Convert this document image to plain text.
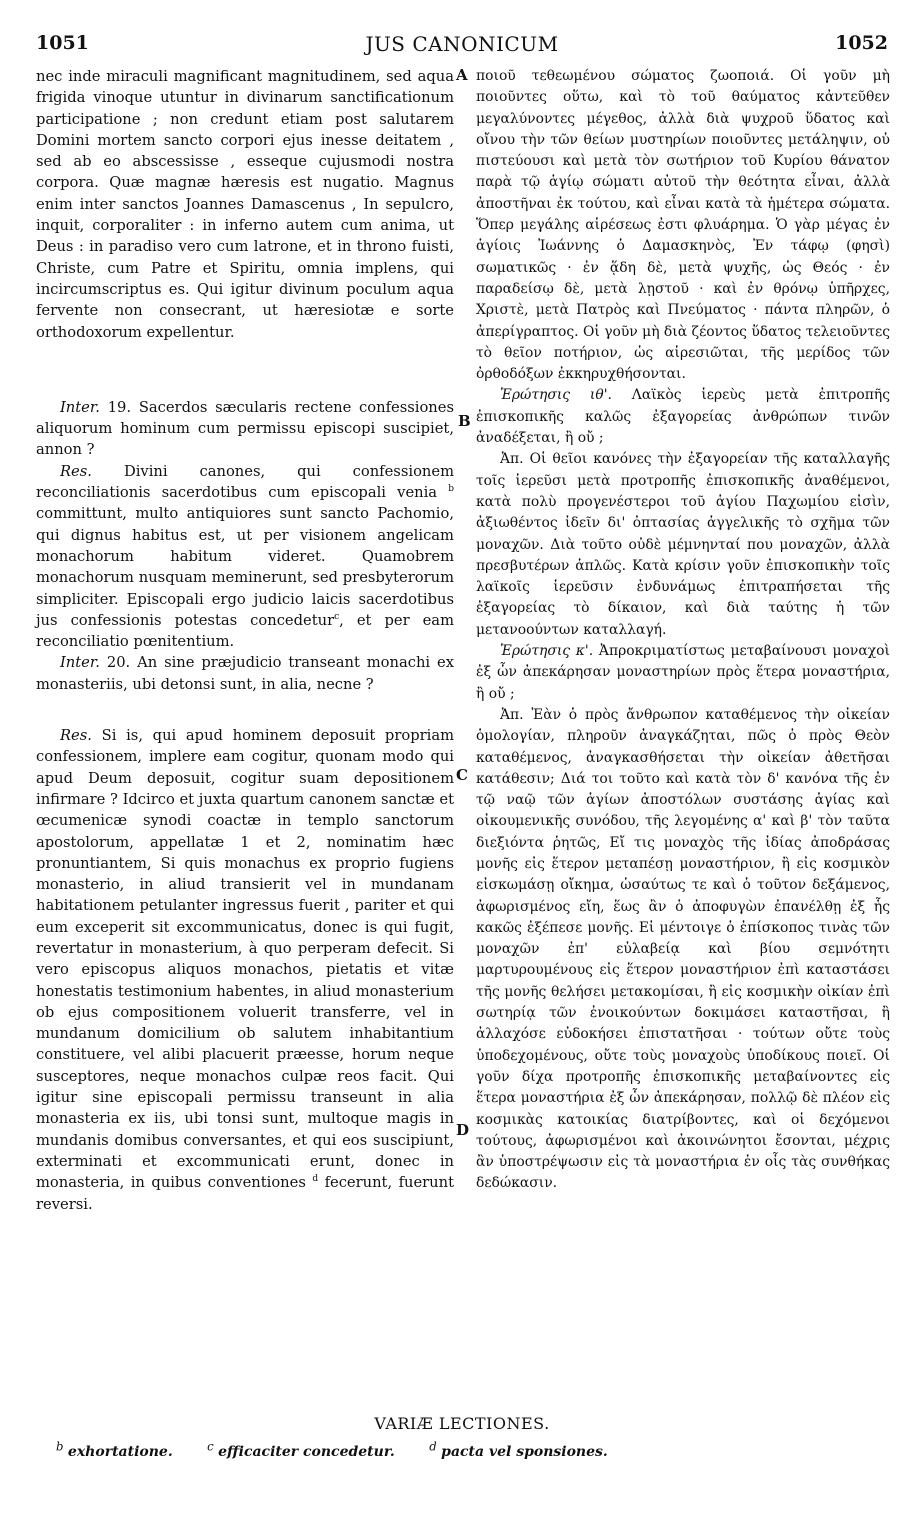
1051	JUS CANONICUM	1052
A
B
C
D

nec inde miraculi magnificant magnitudinem, sed aqua frigida vinoque utuntur in divinarum sanctificationum participatione ; non credunt etiam post salutarem Domini mortem sancto corpori ejus inesse deitatem , sed ab eo abscessisse , esseque cujusmodi nostra corpora. Quæ magnæ hæresis est nugatio. Magnus enim inter sanctos Joannes Damascenus , In sepulcro, inquit, corporaliter : in inferno autem cum anima, ut Deus : in paradiso vero cum latrone, et in throno fuisti, Christe, cum Patre et Spiritu, omnia implens, qui incircumscriptus es. Qui igitur divinum poculum aqua fervente non consecrant, ut hæresiotæ e sorte orthodoxorum expellentur.

Inter. 19. Sacerdos sæcularis rectene confessiones aliquorum hominum cum permissu episcopi suscipiet, annon ?

Res. Divini canones, qui confessionem reconciliationis sacerdotibus cum episcopali venia $^b$ committunt, multo antiquiores sunt sancto Pachomio, qui dignus habitus est, ut per visionem angelicam monachorum habitum videret. Quamobrem monachorum nusquam meminerunt, sed presbyterorum simpliciter. Episcopali ergo judicio laicis sacerdotibus jus confessionis potestas concedetur$^c$, et per eam reconciliatio pœnitentium.

Inter. 20. An sine præjudicio transeant monachi ex monasteriis, ubi detonsi sunt, in alia, necne ?

Res. Si is, qui apud hominem deposuit propriam confessionem, implere eam cogitur, quonam modo qui apud Deum deposuit, cogitur suam depositionem infirmare ? Idcirco et juxta quartum canonem sanctæ et œcumenicæ synodi coactæ in templo sanctorum apostolorum, appellatæ 1 et 2, nominatim hæc pronuntiantem, Si quis monachus ex proprio fugiens monasterio, in aliud transierit vel in mundanam habitationem petulanter ingressus fuerit , pariter et qui eum exceperit sit excommunicatus, donec is qui fugit, revertatur in monasterium, à quo perperam defecit. Si vero episcopus aliquos monachos, pietatis et vitæ honestatis testimonium habentes, in aliud monasterium ob ejus compositionem voluerit transferre, vel in mundanum domicilium ob salutem inhabitantium constituere, vel alibi placuerit præesse, horum neque susceptores, neque monachos culpæ reos facit. Qui igitur sine episcopali permissu transeunt in alia monasteria ex iis, ubi tonsi sunt, multoque magis in mundanis domibus conversantes, et qui eos suscipiunt, exterminati et excommunicati erunt, donec in monasteria, in quibus conventiones $^d$ fecerunt, fuerunt reversi.

ποιοῦ τεθεωμένου σώματος ζωοποιά. Οἱ γοῦν μὴ ποιοῦντες οὕτω, καὶ τὸ τοῦ θαύματος κἀντεῦθεν μεγαλύνοντες μέγεθος, ἀλλὰ διὰ ψυχροῦ ὕδατος καὶ οἴνου τὴν τῶν θείων μυστηρίων ποιοῦντες μετάληψιν, οὐ πιστεύουσι καὶ μετὰ τὸν σωτήριον τοῦ Κυρίου θάνατον παρὰ τῷ ἁγίῳ σώματι αὐτοῦ τὴν θεότητα εἶναι, ἀλλὰ ἀποστῆναι ἐκ τούτου, καὶ εἶναι κατὰ τὰ ἡμέτερα σώματα. Ὅπερ μεγάλης αἱρέσεως ἐστι φλυάρημα. Ὁ γὰρ μέγας ἐν ἁγίοις Ἰωάννης ὁ Δαμασκηνὸς, Ἐν τάφῳ (φησὶ) σωματικῶς · ἐν ᾅδη δὲ, μετὰ ψυχῆς, ὡς Θεός · ἐν παραδείσῳ δὲ, μετὰ λῃστοῦ · καὶ ἐν θρόνῳ ὑπῆρχες, Χριστὲ, μετὰ Πατρὸς καὶ Πνεύματος · πάντα πληρῶν, ὁ ἀπερίγραπτος. Οἱ γοῦν μὴ διὰ ζέοντος ὕδατος τελειοῦντες τὸ θεῖον ποτήριον, ὡς αἱρεσιῶται, τῆς μερίδος τῶν ὀρθοδόξων ἐκκηρυχθήσονται.

Ἐρώτησις ιθ'. Λαϊκὸς ἱερεὺς μετὰ ἐπιτροπῆς ἐπισκοπικῆς καλῶς ἐξαγορείας ἀνθρώπων τινῶν ἀναδέξεται, ἢ οὔ ;

Ἀπ. Οἱ θεῖοι κανόνες τὴν ἐξαγορείαν τῆς καταλλαγῆς τοῖς ἱερεῦσι μετὰ προτροπῆς ἐπισκοπικῆς ἀναθέμενοι, κατὰ πολὺ προγενέστεροι τοῦ ἁγίου Παχωμίου εἰσὶν, ἀξιωθέντος ἰδεῖν δι' ὀπτασίας ἀγγελικῆς τὸ σχῆμα τῶν μοναχῶν. Διὰ τοῦτο οὐδὲ μέμνηνταί που μοναχῶν, ἀλλὰ πρεσβυτέρων ἁπλῶς. Κατὰ κρίσιν γοῦν ἐπισκοπικὴν τοῖς λαϊκοῖς ἱερεῦσιν ἐνδυνάμως ἐπιτραπήσεται τῆς ἐξαγορείας τὸ δίκαιον, καὶ διὰ ταύτης ἡ τῶν μετανοούντων καταλλαγή.

Ἐρώτησις κ'. Ἀπροκριματίστως μεταβαίνουσι μοναχοὶ ἐξ ὧν ἀπεκάρησαν μοναστηρίων πρὸς ἕτερα μοναστήρια, ἢ οὔ ;

Ἀπ. Ἐὰν ὁ πρὸς ἄνθρωπον καταθέμενος τὴν οἰκείαν ὁμολογίαν, πληροῦν ἀναγκάζηται, πῶς ὁ πρὸς Θεὸν καταθέμενος, ἀναγκασθήσεται τὴν οἰκείαν ἀθετῆσαι κατάθεσιν; Διά τοι τοῦτο καὶ κατὰ τὸν δ' κανόνα τῆς ἐν τῷ ναῷ τῶν ἁγίων ἀποστόλων συστάσης ἁγίας καὶ οἰκουμενικῆς συνόδου, τῆς λεγομένης α' καὶ β' τὸν ταῦτα διεξιόντα ῥητῶς, Εἴ τις μοναχὸς τῆς ἰδίας ἀποδράσας μονῆς εἰς ἕτερον μεταπέσῃ μοναστήριον, ἢ εἰς κοσμικὸν εἰσκωμάσῃ οἴκημα, ὡσαύτως τε καὶ ὁ τοῦτον δεξάμενος, ἀφωρισμένος εἴη, ἕως ἂν ὁ ἀποφυγὼν ἐπανέλθῃ ἐξ ἧς κακῶς ἐξέπεσε μονῆς. Εἰ μέντοιγε ὁ ἐπίσκοπος τινὰς τῶν μοναχῶν ἐπ' εὐλαβείᾳ καὶ βίου σεμνότητι μαρτυρουμένους εἰς ἕτερον μοναστήριον ἐπὶ καταστάσει τῆς μονῆς θελήσει μετακομίσαι, ἢ εἰς κοσμικὴν οἰκίαν ἐπὶ σωτηρίᾳ τῶν ἐνοικούντων δοκιμάσει καταστῆσαι, ἢ ἀλλαχόσε εὐδοκήσει ἐπιστατῆσαι · τούτων οὔτε τοὺς ὑποδεχομένους, οὔτε τοὺς μοναχοὺς ὑποδίκους ποιεῖ. Οἱ γοῦν δίχα προτροπῆς ἐπισκοπικῆς μεταβαίνοντες εἰς ἕτερα μοναστήρια ἐξ ὧν ἀπεκάρησαν, πολλῷ δὲ πλέον εἰς κοσμικὰς κατοικίας διατρίβοντες, καὶ οἱ δεχόμενοι τούτους, ἀφωρισμένοι καὶ ἀκοινώνητοι ἔσονται, μέχρις ἂν ὑποστρέψωσιν εἰς τὰ μοναστήρια ἐν οἷς τὰς συνθήκας δεδώκασιν.

VARIÆ LECTIONES.
$^b$ exhortatione.	$^c$ efficaciter concedetur.	$^d$ pacta vel sponsiones.
